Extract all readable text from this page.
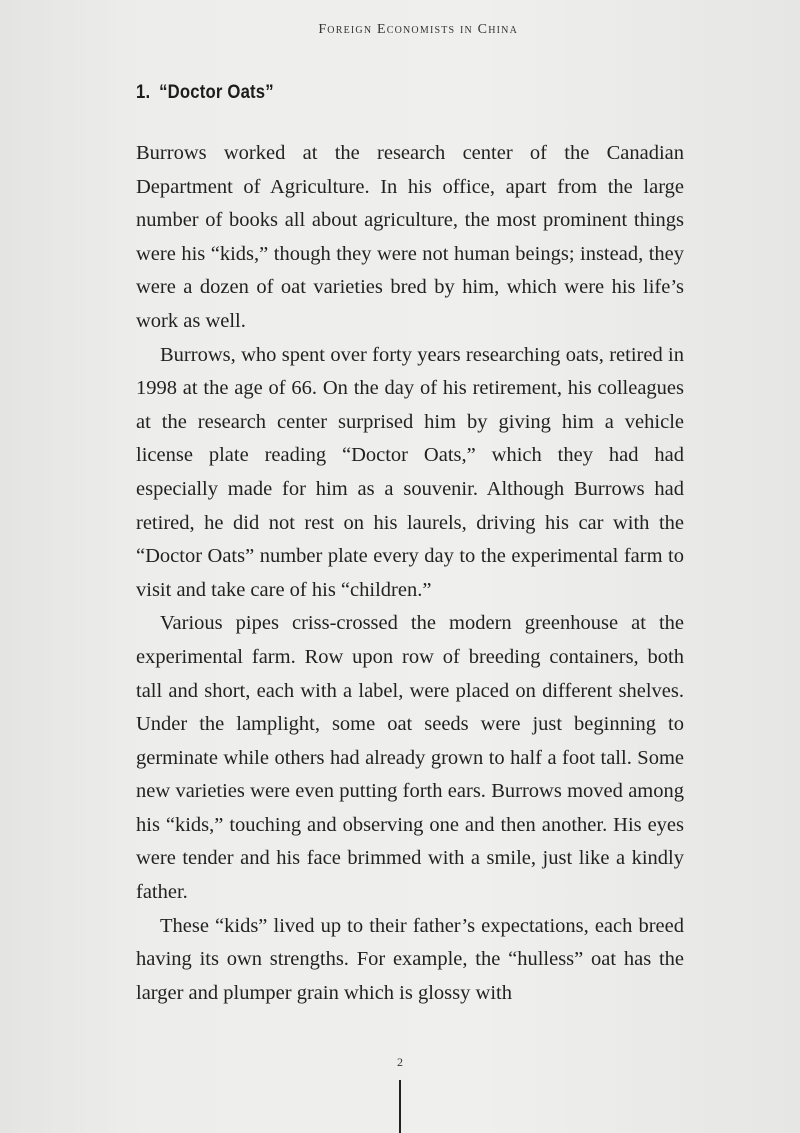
Foreign Economists in China
1. “Doctor Oats”

Burrows worked at the research center of the Canadian Department of Agriculture. In his office, apart from the large number of books all about agriculture, the most prominent things were his “kids,” though they were not human beings; instead, they were a dozen of oat varieties bred by him, which were his life’s work as well.

Burrows, who spent over forty years researching oats, retired in 1998 at the age of 66. On the day of his retirement, his colleagues at the research center surprised him by giving him a vehicle license plate reading “Doctor Oats,” which they had had especially made for him as a souvenir. Although Burrows had retired, he did not rest on his laurels, driving his car with the “Doctor Oats” number plate every day to the experimental farm to visit and take care of his “children.”

Various pipes criss-crossed the modern greenhouse at the experimental farm. Row upon row of breeding containers, both tall and short, each with a label, were placed on different shelves. Under the lamplight, some oat seeds were just beginning to germinate while others had already grown to half a foot tall. Some new varieties were even putting forth ears. Burrows moved among his “kids,” touching and observing one and then another. His eyes were tender and his face brimmed with a smile, just like a kindly father.

These “kids” lived up to their father’s expectations, each breed having its own strengths. For example, the “hulless” oat has the larger and plumper grain which is glossy with

2
